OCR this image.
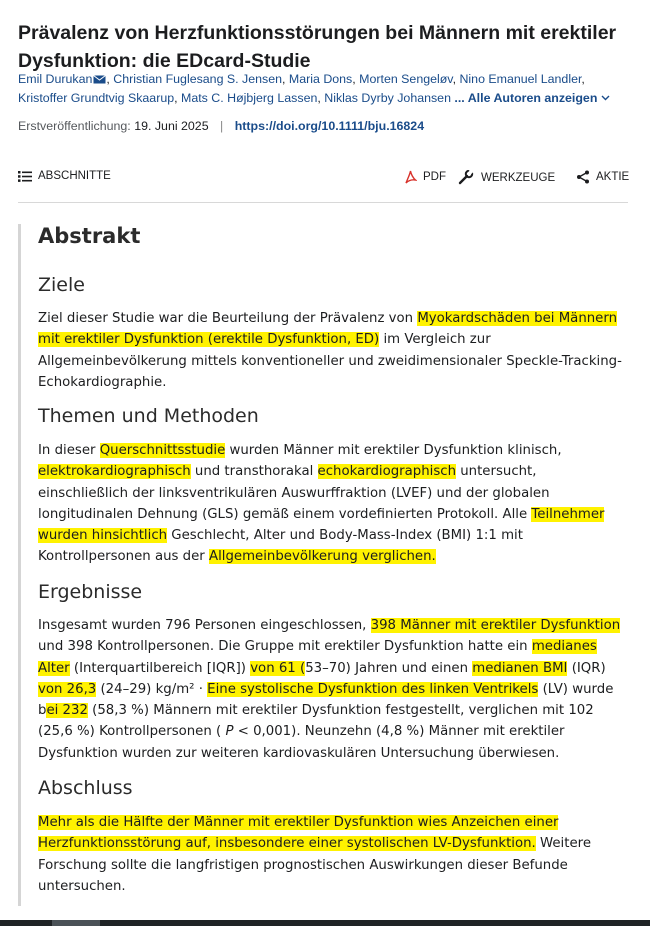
Prävalenz von Herzfunktionsstörungen bei Männern mit erektiler Dysfunktion: die EDcard-Studie
Emil Durukan , Christian Fuglesang S. Jensen, Maria Dons, Morten Sengeløv, Nino Emanuel Landler,
Kristoffer Grundtvig Skaarup, Mats C. Højbjerg Lassen, Niklas Dyrby Johansen ... Alle Autoren anzeigen
Erstveröffentlichung: 19. Juni 2025 | https://doi.org/10.1111/bju.16824
ABSCHNITTE	PDF	WERKZEUGE	AKTIE
Abstrakt
Ziele
Ziel dieser Studie war die Beurteilung der Prävalenz von Myokardschäden bei Männern mit erektiler Dysfunktion (erektile Dysfunktion, ED) im Vergleich zur Allgemeinbevölkerung mittels konventioneller und zweidimensionaler Speckle-Tracking-Echokardiographie.
Themen und Methoden
In dieser Querschnittsstudie wurden Männer mit erektiler Dysfunktion klinisch, elektrokardiographisch und transthorakal echokardiographisch untersucht, einschließlich der linksventrikulären Auswurffraktion (LVEF) und der globalen longitudinalen Dehnung (GLS) gemäß einem vordefinierten Protokoll. Alle Teilnehmer wurden hinsichtlich Geschlecht, Alter und Body-Mass-Index (BMI) 1:1 mit Kontrollpersonen aus der Allgemeinbevölkerung verglichen.
Ergebnisse
Insgesamt wurden 796 Personen eingeschlossen, 398 Männer mit erektiler Dysfunktion und 398 Kontrollpersonen. Die Gruppe mit erektiler Dysfunktion hatte ein medianes Alter (Interquartilbereich [IQR]) von 61 (53–70) Jahren und einen medianen BMI (IQR) von 26,3 (24–29) kg/m² · Eine systolische Dysfunktion des linken Ventrikels (LV) wurde bei 232 (58,3 %) Männern mit erektiler Dysfunktion festgestellt, verglichen mit 102 (25,6 %) Kontrollpersonen ( P < 0,001). Neunzehn (4,8 %) Männer mit erektiler Dysfunktion wurden zur weiteren kardiovaskulären Untersuchung überwiesen.
Abschluss
Mehr als die Hälfte der Männer mit erektiler Dysfunktion wies Anzeichen einer Herzfunktionsstörung auf, insbesondere einer systolischen LV-Dysfunktion. Weitere Forschung sollte die langfristigen prognostischen Auswirkungen dieser Befunde untersuchen.
